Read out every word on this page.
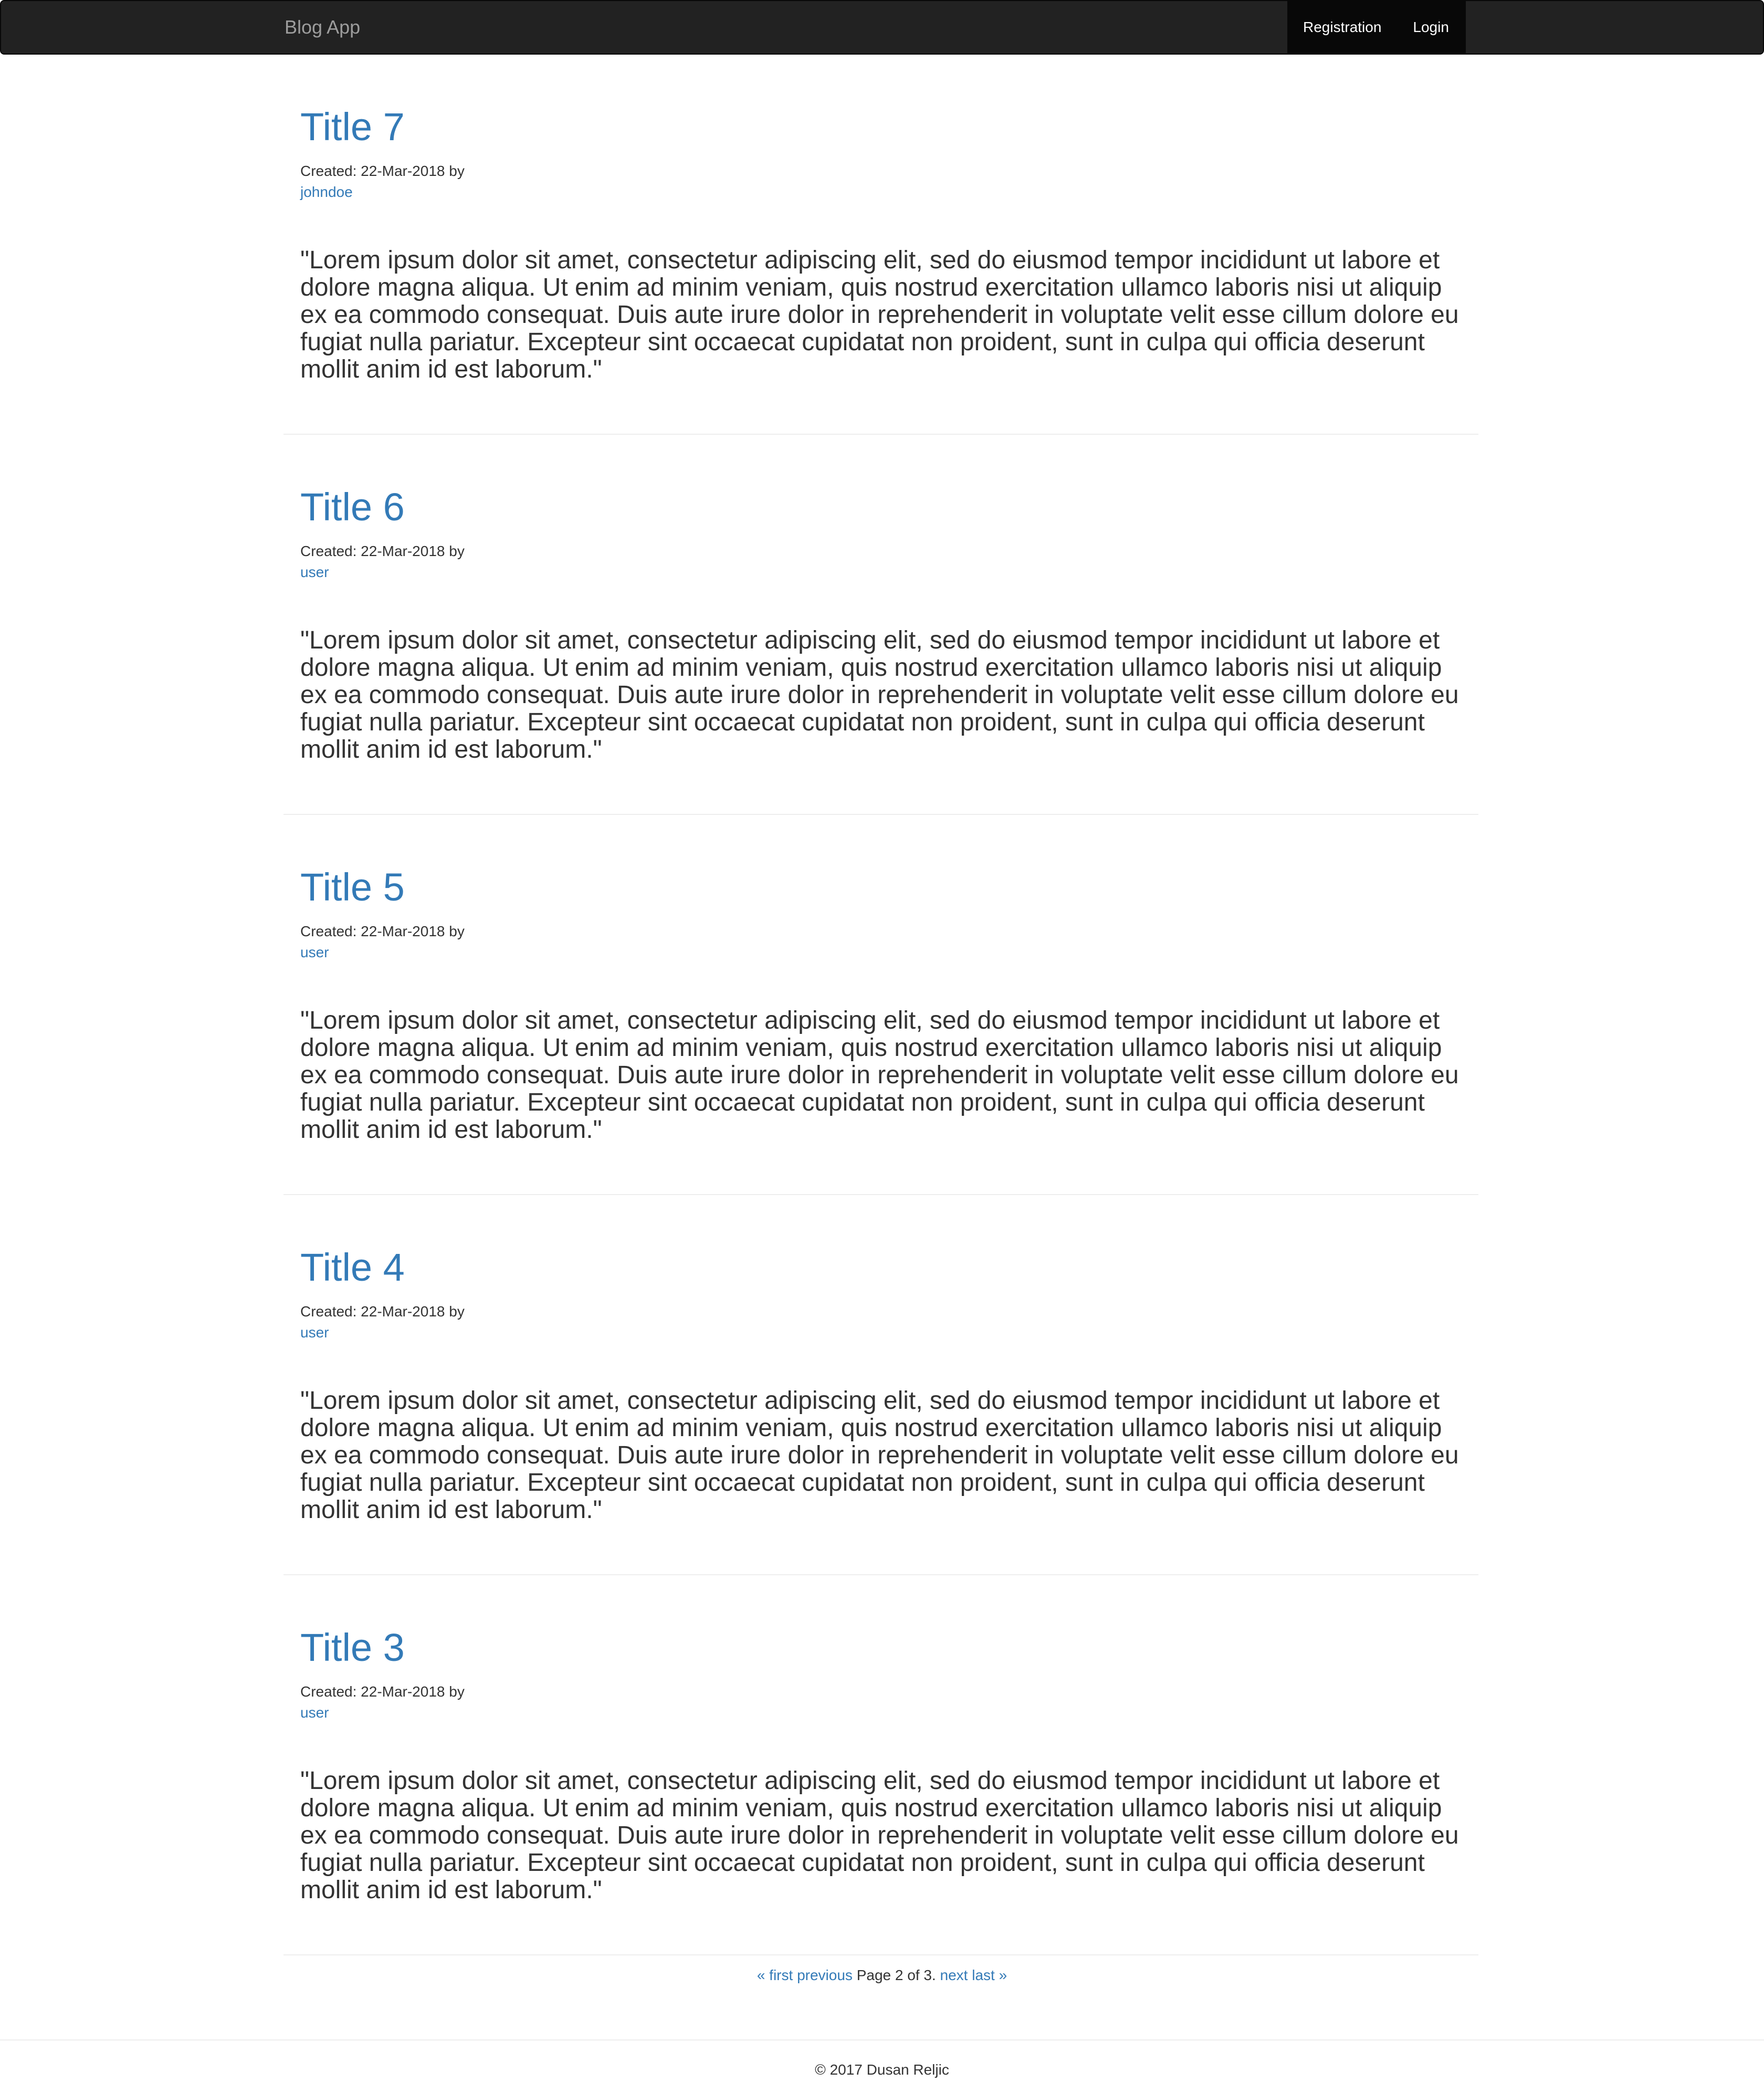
Blog App	Registration	Login
Title 7
Created: 22-Mar-2018 by
johndoe

"Lorem ipsum dolor sit amet, consectetur adipiscing elit, sed do eiusmod tempor incididunt ut labore et dolore magna aliqua. Ut enim ad minim veniam, quis nostrud exercitation ullamco laboris nisi ut aliquip ex ea commodo consequat. Duis aute irure dolor in reprehenderit in voluptate velit esse cillum dolore eu fugiat nulla pariatur. Excepteur sint occaecat cupidatat non proident, sunt in culpa qui officia deserunt mollit anim id est laborum."

Title 6
Created: 22-Mar-2018 by
user

"Lorem ipsum dolor sit amet, consectetur adipiscing elit, sed do eiusmod tempor incididunt ut labore et dolore magna aliqua. Ut enim ad minim veniam, quis nostrud exercitation ullamco laboris nisi ut aliquip ex ea commodo consequat. Duis aute irure dolor in reprehenderit in voluptate velit esse cillum dolore eu fugiat nulla pariatur. Excepteur sint occaecat cupidatat non proident, sunt in culpa qui officia deserunt mollit anim id est laborum."

Title 5
Created: 22-Mar-2018 by
user

"Lorem ipsum dolor sit amet, consectetur adipiscing elit, sed do eiusmod tempor incididunt ut labore et dolore magna aliqua. Ut enim ad minim veniam, quis nostrud exercitation ullamco laboris nisi ut aliquip ex ea commodo consequat. Duis aute irure dolor in reprehenderit in voluptate velit esse cillum dolore eu fugiat nulla pariatur. Excepteur sint occaecat cupidatat non proident, sunt in culpa qui officia deserunt mollit anim id est laborum."

Title 4
Created: 22-Mar-2018 by
user

"Lorem ipsum dolor sit amet, consectetur adipiscing elit, sed do eiusmod tempor incididunt ut labore et dolore magna aliqua. Ut enim ad minim veniam, quis nostrud exercitation ullamco laboris nisi ut aliquip ex ea commodo consequat. Duis aute irure dolor in reprehenderit in voluptate velit esse cillum dolore eu fugiat nulla pariatur. Excepteur sint occaecat cupidatat non proident, sunt in culpa qui officia deserunt mollit anim id est laborum."

Title 3
Created: 22-Mar-2018 by
user

"Lorem ipsum dolor sit amet, consectetur adipiscing elit, sed do eiusmod tempor incididunt ut labore et dolore magna aliqua. Ut enim ad minim veniam, quis nostrud exercitation ullamco laboris nisi ut aliquip ex ea commodo consequat. Duis aute irure dolor in reprehenderit in voluptate velit esse cillum dolore eu fugiat nulla pariatur. Excepteur sint occaecat cupidatat non proident, sunt in culpa qui officia deserunt mollit anim id est laborum."

« first previous Page 2 of 3. next last »
© 2017 Dusan Reljic
